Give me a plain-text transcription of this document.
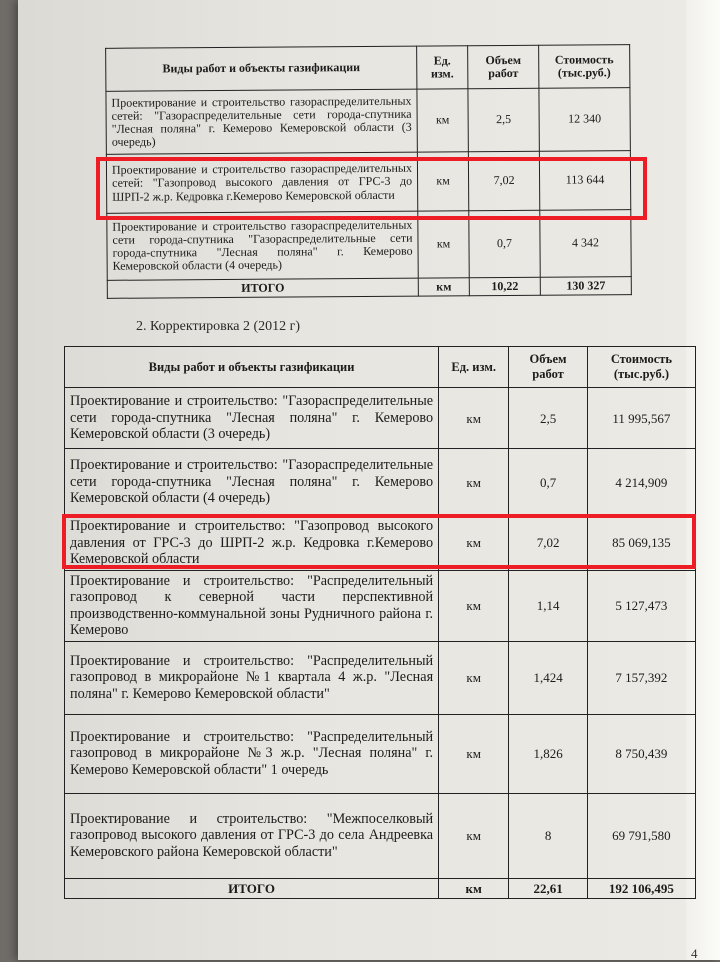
Виды работ и объекты газификации	Ед. изм.	Объем работ	Стоимость (тыс.руб.)
Проектирование и строительство газораспределительных сетей: "Газораспределительные сети города-спутника "Лесная поляна" г. Кемерово Кемеровской области (3 очередь)	км	2,5	12 340
Проектирование и строительство газораспределительных сетей: "Газопровод высокого давления от ГРС-3 до ШРП-2 ж.р. Кедровка г.Кемерово Кемеровской области	км	7,02	113 644
Проектирование и строительство газораспределительных сети города-спутника "Газораспределительные сети города-спутника "Лесная поляна" г. Кемерово Кемеровской области (4 очередь)	км	0,7	4 342
ИТОГО	км	10,22	130 327
2. Корректировка 2 (2012 г)
Виды работ и объекты газификации	Ед. изм.	Объем работ	Стоимость (тыс.руб.)
Проектирование и строительство: "Газораспределительные сети города-спутника "Лесная поляна" г. Кемерово Кемеровской области (3 очередь)	км	2,5	11 995,567
Проектирование и строительство: "Газораспределительные сети города-спутника "Лесная поляна" г. Кемерово Кемеровской области (4 очередь)	км	0,7	4 214,909
Проектирование и строительство: "Газопровод высокого давления от ГРС-3 до ШРП-2 ж.р. Кедровка г.Кемерово Кемеровской области	км	7,02	85 069,135
Проектирование и строительство: "Распределительный газопровод к северной части перспективной производственно-коммунальной зоны Рудничного района г. Кемерово	км	1,14	5 127,473
Проектирование и строительство: "Распределительный газопровод в микрорайоне №1 квартала 4 ж.р. "Лесная поляна" г. Кемерово Кемеровской области"	км	1,424	7 157,392
Проектирование и строительство: "Распределительный газопровод в микрорайоне №3 ж.р. "Лесная поляна" г. Кемерово Кемеровской области" 1 очередь	км	1,826	8 750,439
Проектирование и строительство: "Межпоселковый газопровод высокого давления от ГРС-3 до села Андреевка Кемеровского района Кемеровской области"	км	8	69 791,580
ИТОГО	км	22,61	192 106,495
4
